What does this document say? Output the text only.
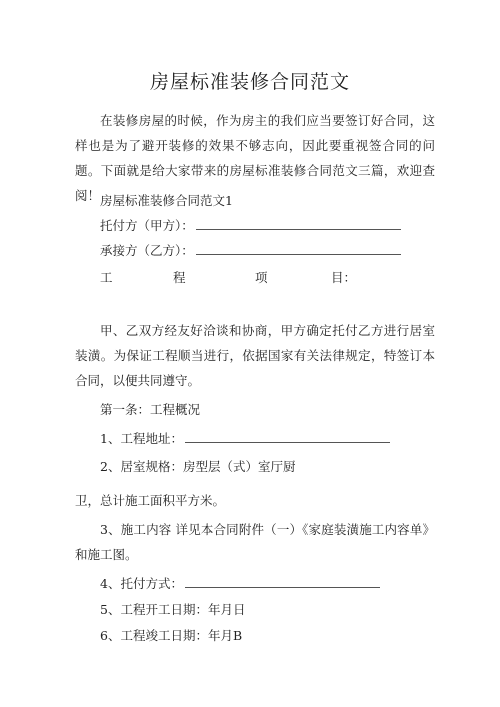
房屋标准装修合同范文
在装修房屋的时候，作为房主的我们应当要签订好合同，这样也是为了避开装修的效果不够志向，因此要重视签合同的问题。下面就是给大家带来的房屋标准装修合同范文三篇，欢迎查阅！ 房屋标准装修合同范文1
托付方（甲方）：
承接方（乙方）：
工	程	项	目：
甲、乙双方经友好洽谈和协商，甲方确定托付乙方进行居室装潢。为保证工程顺当进行，依据国家有关法律规定，特签订本合同，以便共同遵守。
第一条：工程概况
1、工程地址：
2、居室规格：房型层（式）室厅厨
卫，总计施工面积平方米。
3、施工内容 详见本合同附件（一）《家庭装潢施工内容单》和施工图。
4、托付方式：
5、工程开工日期：年月日
6、工程竣工日期：年月B
